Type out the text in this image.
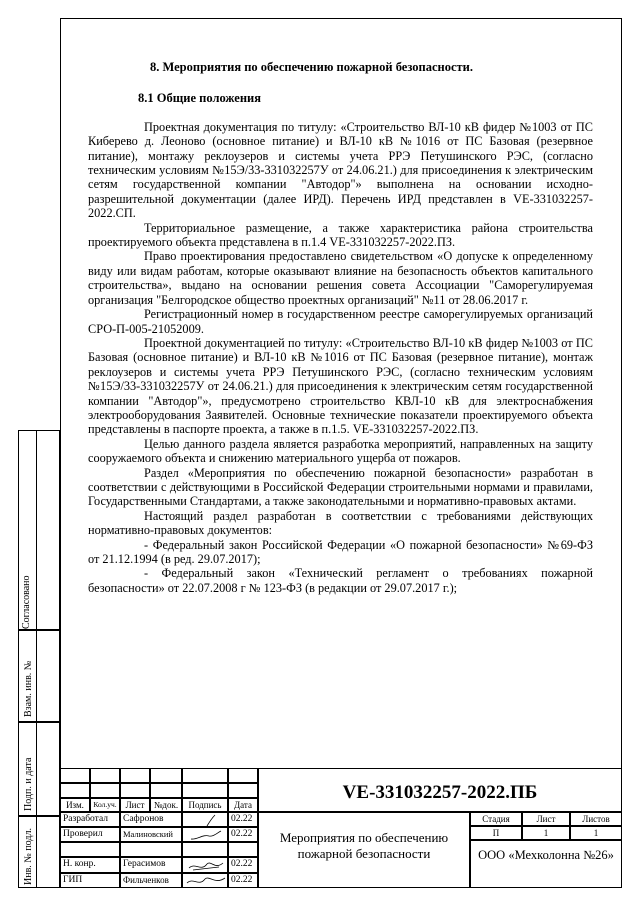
Согласовано
Взам. инв. №
Подп. и дата
Инв. № подл.
8. Мероприятия по обеспечению пожарной безопасности.
8.1 Общие положения

Проектная документация по титулу: «Строительство ВЛ-10 кВ фидер №1003 от ПС Киберево д. Леоново (основное питание) и ВЛ-10 кВ №1016 от ПС Базовая (резервное питание), монтажу реклоузеров и системы учета РРЭ Петушинского РЭС, (согласно техническим условиям №15Э/33-331032257У от 24.06.21.) для присоединения к электрическим сетям государственной компании "Автодор"» выполнена на основании исходно-разрешительной документации (далее ИРД). Перечень ИРД представлен в VE-331032257-2022.СП.

Территориальное размещение, а также характеристика района строительства проектируемого объекта представлена в п.1.4 VE-331032257-2022.ПЗ.

Право проектирования предоставлено свидетельством «О допуске к определенному виду или видам работам, которые оказывают влияние на безопасность объектов капитального строительства», выдано на основании решения совета Ассоциации "Саморегулируемая организация "Белгородское общество проектных организаций" №11 от 28.06.2017 г.

Регистрационный номер в государственном реестре саморегулируемых организаций СРО-П-005-21052009.

Проектной документацией по титулу: «Строительство ВЛ-10 кВ фидер №1003 от ПС Базовая (основное питание) и ВЛ-10 кВ №1016 от ПС Базовая (резервное питание), монтаж реклоузеров и системы учета РРЭ Петушинского РЭС, (согласно техническим условиям №15Э/33-331032257У от 24.06.21.) для присоединения к электрическим сетям государственной компании "Автодор"», предусмотрено строительство КВЛ-10 кВ для электроснабжения электрооборудования Заявителей. Основные технические показатели проектируемого объекта представлены в паспорте проекта, а также в п.1.5. VE-331032257-2022.ПЗ.

Целью данного раздела является разработка мероприятий, направленных на защиту сооружаемого объекта и снижению материального ущерба от пожаров.

Раздел «Мероприятия по обеспечению пожарной безопасности» разработан в соответствии с действующими в Российской Федерации строительными нормами и правилами, Государственными Стандартами, а также законодательными и нормативно-правовых актами.

Настоящий раздел разработан в соответствии с требованиями действующих нормативно-правовых документов:

- Федеральный закон Российской Федерации «О пожарной безопасности» №69-ФЗ от 21.12.1994 (в ред. 29.07.2017);

- Федеральный закон «Технический регламент о требованиях пожарной безопасности» от 22.07.2008 г № 123-ФЗ (в редакции от 29.07.2017 г.);

Изм.	Кол.уч. Лист	№док.	Подпись	Дата
VE-331032257-2022.ПБ
Разработал	Сафронов	02.22
Проверил	Малиновский	02.22
Н. конр.	Герасимов	02.22
ГИП	Фильченков	02.22
Мероприятия по обеспечению пожарной безопасности
Стадия	Лист	Листов
П	1	1
ООО «Мехколонна №26»
